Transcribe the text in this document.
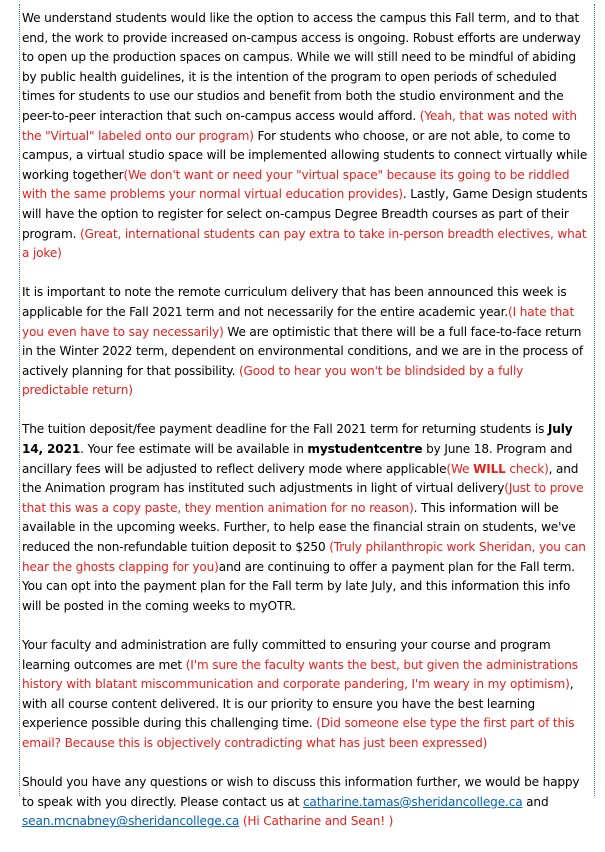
We understand students would like the option to access the campus this Fall term, and to that end, the work to provide increased on-campus access is ongoing. Robust efforts are underway to open up the production spaces on campus. While we will still need to be mindful of abiding by public health guidelines, it is the intention of the program to open periods of scheduled times for students to use our studios and benefit from both the studio environment and the peer-to-peer interaction that such on-campus access would afford. (Yeah, that was noted with the "Virtual" labeled onto our program) For students who choose, or are not able, to come to campus, a virtual studio space will be implemented allowing students to connect virtually while working together(We don't want or need your "virtual space" because its going to be riddled with the same problems your normal virtual education provides). Lastly, Game Design students will have the option to register for select on-campus Degree Breadth courses as part of their program. (Great, international students can pay extra to take in-person breadth electives, what a joke)

It is important to note the remote curriculum delivery that has been announced this week is applicable for the Fall 2021 term and not necessarily for the entire academic year.(I hate that you even have to say necessarily) We are optimistic that there will be a full face-to-face return in the Winter 2022 term, dependent on environmental conditions, and we are in the process of actively planning for that possibility. (Good to hear you won't be blindsided by a fully predictable return)

The tuition deposit/fee payment deadline for the Fall 2021 term for returning students is July 14, 2021. Your fee estimate will be available in mystudentcentre by June 18. Program and ancillary fees will be adjusted to reflect delivery mode where applicable(We WILL check), and the Animation program has instituted such adjustments in light of virtual delivery(Just to prove that this was a copy paste, they mention animation for no reason). This information will be available in the upcoming weeks. Further, to help ease the financial strain on students, we've reduced the non-refundable tuition deposit to $250 (Truly philanthropic work Sheridan, you can hear the ghosts clapping for you)and are continuing to offer a payment plan for the Fall term. You can opt into the payment plan for the Fall term by late July, and this information this info will be posted in the coming weeks to myOTR.

Your faculty and administration are fully committed to ensuring your course and program learning outcomes are met (I'm sure the faculty wants the best, but given the administrations history with blatant miscommunication and corporate pandering, I'm weary in my optimism), with all course content delivered. It is our priority to ensure you have the best learning experience possible during this challenging time. (Did someone else type the first part of this email? Because this is objectively contradicting what has just been expressed)

Should you have any questions or wish to discuss this information further, we would be happy to speak with you directly. Please contact us at catharine.tamas@sheridancollege.ca and sean.mcnabney@sheridancollege.ca (Hi Catharine and Sean! )
